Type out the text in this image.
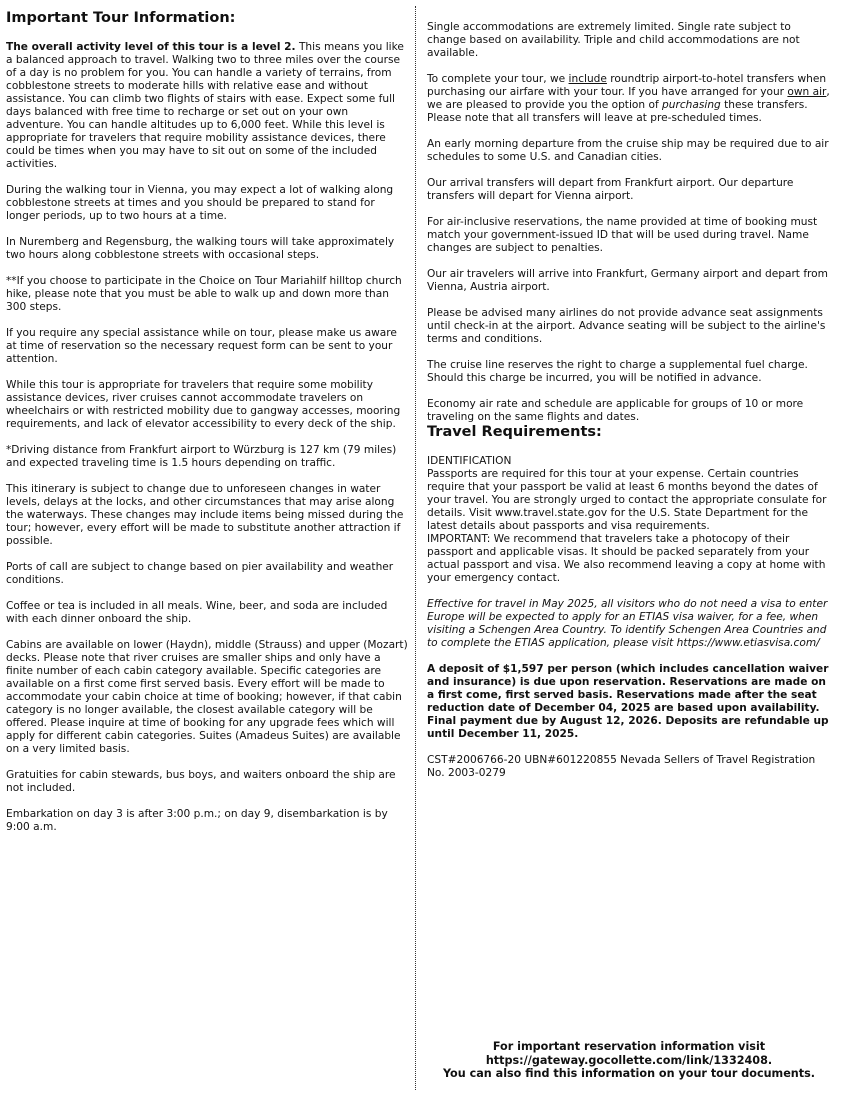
Important Tour Information:

The overall activity level of this tour is a level 2. This means you like a balanced approach to travel. Walking two to three miles over the course of a day is no problem for you. You can handle a variety of terrains, from cobblestone streets to moderate hills with relative ease and without assistance. You can climb two flights of stairs with ease. Expect some full days balanced with free time to recharge or set out on your own adventure. You can handle altitudes up to 6,000 feet. While this level is appropriate for travelers that require mobility assistance devices, there could be times when you may have to sit out on some of the included activities.

During the walking tour in Vienna, you may expect a lot of walking along cobblestone streets at times and you should be prepared to stand for longer periods, up to two hours at a time.

In Nuremberg and Regensburg, the walking tours will take approximately two hours along cobblestone streets with occasional steps.

**If you choose to participate in the Choice on Tour Mariahilf hilltop church hike, please note that you must be able to walk up and down more than 300 steps.

If you require any special assistance while on tour, please make us aware at time of reservation so the necessary request form can be sent to your attention.

While this tour is appropriate for travelers that require some mobility assistance devices, river cruises cannot accommodate travelers on wheelchairs or with restricted mobility due to gangway accesses, mooring requirements, and lack of elevator accessibility to every deck of the ship.

*Driving distance from Frankfurt airport to Würzburg is 127 km (79 miles) and expected traveling time is 1.5 hours depending on traffic.

This itinerary is subject to change due to unforeseen changes in water levels, delays at the locks, and other circumstances that may arise along the waterways. These changes may include items being missed during the tour; however, every effort will be made to substitute another attraction if possible.

Ports of call are subject to change based on pier availability and weather conditions.

Coffee or tea is included in all meals. Wine, beer, and soda are included with each dinner onboard the ship.

Cabins are available on lower (Haydn), middle (Strauss) and upper (Mozart) decks. Please note that river cruises are smaller ships and only have a finite number of each cabin category available. Specific categories are available on a first come first served basis. Every effort will be made to accommodate your cabin choice at time of booking; however, if that cabin category is no longer available, the closest available category will be offered. Please inquire at time of booking for any upgrade fees which will apply for different cabin categories. Suites (Amadeus Suites) are available on a very limited basis.

Gratuities for cabin stewards, bus boys, and waiters onboard the ship are not included.

Embarkation on day 3 is after 3:00 p.m.; on day 9, disembarkation is by 9:00 a.m.

Single accommodations are extremely limited. Single rate subject to change based on availability. Triple and child accommodations are not available.

To complete your tour, we include roundtrip airport-to-hotel transfers when purchasing our airfare with your tour. If you have arranged for your own air, we are pleased to provide you the option of purchasing these transfers. Please note that all transfers will leave at pre-scheduled times.

An early morning departure from the cruise ship may be required due to air schedules to some U.S. and Canadian cities.

Our arrival transfers will depart from Frankfurt airport. Our departure transfers will depart for Vienna airport.

For air-inclusive reservations, the name provided at time of booking must match your government-issued ID that will be used during travel. Name changes are subject to penalties.

Our air travelers will arrive into Frankfurt, Germany airport and depart from Vienna, Austria airport.

Please be advised many airlines do not provide advance seat assignments until check-in at the airport. Advance seating will be subject to the airline's terms and conditions.

The cruise line reserves the right to charge a supplemental fuel charge. Should this charge be incurred, you will be notified in advance.

Economy air rate and schedule are applicable for groups of 10 or more traveling on the same flights and dates.

Travel Requirements:

IDENTIFICATION

Passports are required for this tour at your expense. Certain countries require that your passport be valid at least 6 months beyond the dates of your travel. You are strongly urged to contact the appropriate consulate for details. Visit www.travel.state.gov for the U.S. State Department for the latest details about passports and visa requirements.

IMPORTANT: We recommend that travelers take a photocopy of their passport and applicable visas. It should be packed separately from your actual passport and visa. We also recommend leaving a copy at home with your emergency contact.

Effective for travel in May 2025, all visitors who do not need a visa to enter Europe will be expected to apply for an ETIAS visa waiver, for a fee, when visiting a Schengen Area Country. To identify Schengen Area Countries and to complete the ETIAS application, please visit https://www.etiasvisa.com/

A deposit of $1,597 per person (which includes cancellation waiver and insurance) is due upon reservation. Reservations are made on a first come, first served basis. Reservations made after the seat reduction date of December 04, 2025 are based upon availability. Final payment due by August 12, 2026. Deposits are refundable up until December 11, 2025.

CST#2006766-20 UBN#601220855 Nevada Sellers of Travel Registration No. 2003-0279

For important reservation information visit
https://gateway.gocollette.com/link/1332408.
You can also find this information on your tour documents.
